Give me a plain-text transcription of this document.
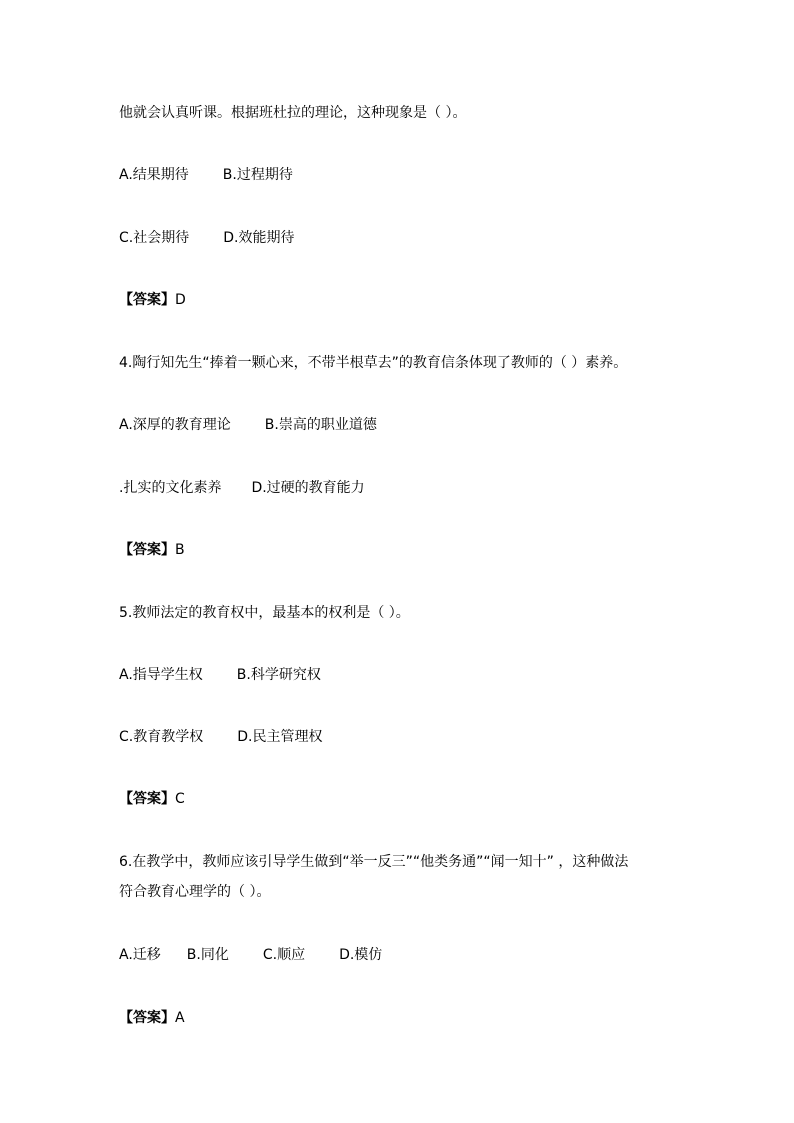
他就会认真听课。根据班杜拉的理论，这种现象是（ ）。

A.结果期待 B.过程期待

C.社会期待 D.效能期待

【答案】D

4.陶行知先生“捧着一颗心来，不带半根草去”的教育信条体现了教师的（ ）素养。

A.深厚的教育理论 B.崇高的职业道德

.扎实的文化素养 D.过硬的教育能力

【答案】B

5.教师法定的教育权中，最基本的权利是（ ）。

A.指导学生权 B.科学研究权

C.教育教学权 D.民主管理权

【答案】C

6.在教学中，教师应该引导学生做到“举一反三”“他类务通”“闻一知十” ，这种做法

符合教育心理学的（ ）。

A.迁移 B.同化 C.顺应 D.模仿

【答案】A
